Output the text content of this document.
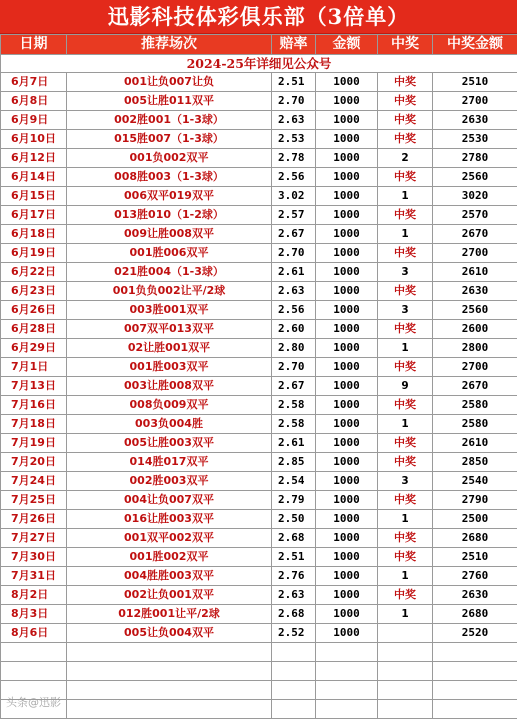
迅影科技体彩俱乐部（3倍单）
日期	推荐场次	赔率	金额	中奖	中奖金额
2024-25年详细见公众号					
6月7日	001让负007让负	2.51	1000	中奖	2510
6月8日	005让胜011双平	2.70	1000	中奖	2700
6月9日	002胜001（1-3球）	2.63	1000	中奖	2630
6月10日	015胜007（1-3球）	2.53	1000	中奖	2530
6月12日	001负002双平	2.78	1000	2	2780
6月14日	008胜003（1-3球）	2.56	1000	中奖	2560
6月15日	006双平019双平	3.02	1000	1	3020
6月17日	013胜010（1-2球）	2.57	1000	中奖	2570
6月18日	009让胜008双平	2.67	1000	1	2670
6月19日	001胜006双平	2.70	1000	中奖	2700
6月22日	021胜004（1-3球）	2.61	1000	3	2610
6月23日	001负负002让平/2球	2.63	1000	中奖	2630
6月26日	003胜001双平	2.56	1000	3	2560
6月28日	007双平013双平	2.60	1000	中奖	2600
6月29日	02让胜001双平	2.80	1000	1	2800
7月1日	001胜003双平	2.70	1000	中奖	2700
7月13日	003让胜008双平	2.67	1000	9	2670
7月16日	008负009双平	2.58	1000	中奖	2580
7月18日	003负004胜	2.58	1000	1	2580
7月19日	005让胜003双平	2.61	1000	中奖	2610
7月20日	014胜017双平	2.85	1000	中奖	2850
7月24日	002胜003双平	2.54	1000	3	2540
7月25日	004让负007双平	2.79	1000	中奖	2790
7月26日	016让胜003双平	2.50	1000	1	2500
7月27日	001双平002双平	2.68	1000	中奖	2680
7月30日	001胜002双平	2.51	1000	中奖	2510
7月31日	004胜胜003双平	2.76	1000	1	2760
8月2日	002让负001双平	2.63	1000	中奖	2630
8月3日	012胜001让平/2球	2.68	1000	1	2680
8月6日	005让负004双平	2.52	1000		2520

头条@迅影
